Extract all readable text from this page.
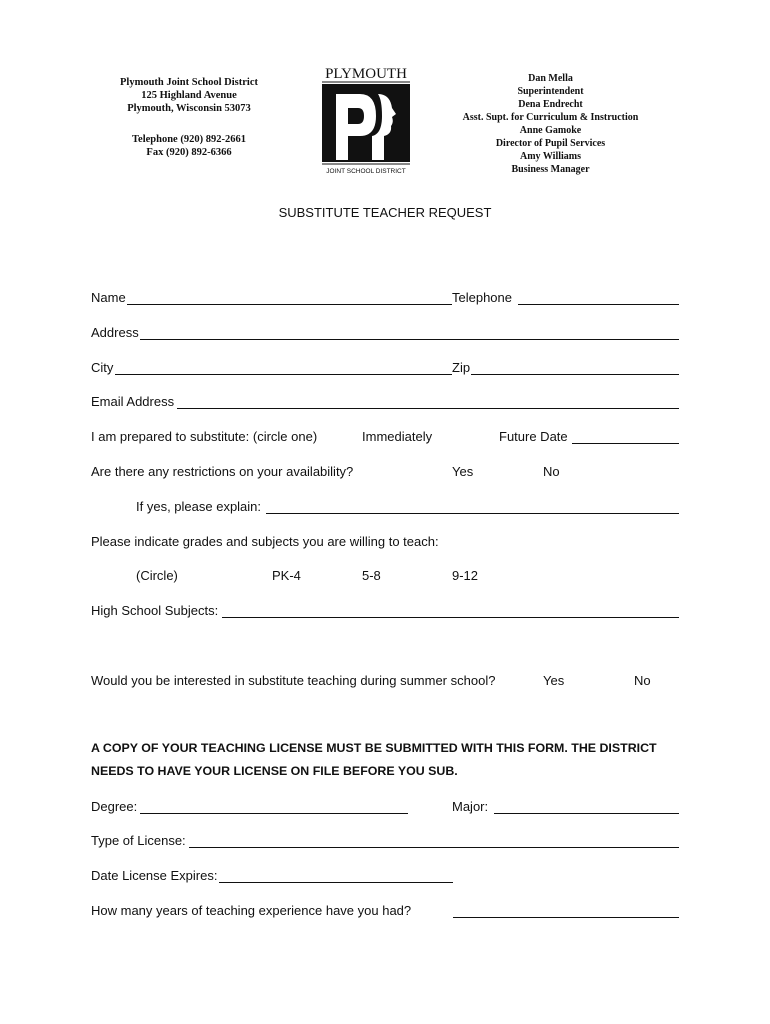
Plymouth Joint School District
125 Highland Avenue
Plymouth, Wisconsin 53073
Telephone (920) 892-2661
Fax (920) 892-6366
PLYMOUTH
JOINT SCHOOL DISTRICT
Dan Mella
Superintendent
Dena Endrecht
Asst. Supt. for Curriculum & Instruction
Anne Gamoke
Director of Pupil Services
Amy Williams
Business Manager
SUBSTITUTE TEACHER REQUEST
Name	Telephone
Address
City	Zip
Email Address
I am prepared to substitute: (circle one)	Immediately	Future Date
Are there any restrictions on your availability?	Yes	No
If yes, please explain:
Please indicate grades and subjects you are willing to teach:
(Circle)	PK-4	5-8	9-12
High School Subjects:
Would you be interested in substitute teaching during summer school?	Yes	No
A COPY OF YOUR TEACHING LICENSE MUST BE SUBMITTED WITH THIS FORM. THE DISTRICT
NEEDS TO HAVE YOUR LICENSE ON FILE BEFORE YOU SUB.
Degree:	Major:
Type of License:
Date License Expires:
How many years of teaching experience have you had?
